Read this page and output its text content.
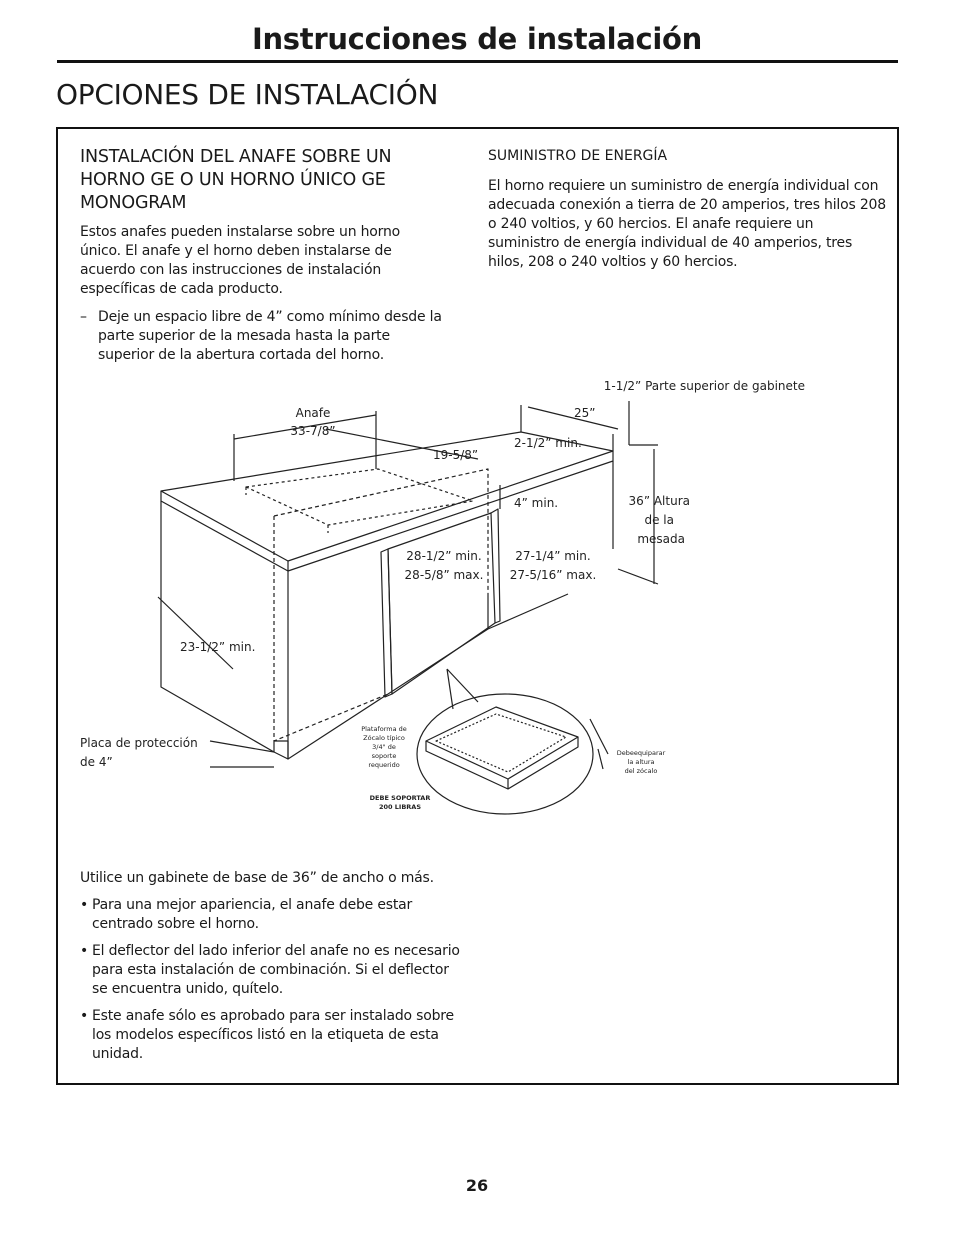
Instrucciones de instalación
OPCIONES DE INSTALACIÓN
INSTALACIÓN DEL ANAFE SOBRE UN HORNO GE O UN HORNO ÚNICO GE MONOGRAM

Estos anafes pueden instalarse sobre un horno único. El anafe y el horno deben instalarse de acuerdo con las instrucciones de instalación específicas de cada producto.

– Deje un espacio libre de 4” como mínimo desde la parte superior de la mesada hasta la parte superior de la abertura cortada del horno.
SUMINISTRO DE ENERGÍA

El horno requiere un suministro de energía individual con adecuada conexión a tierra de 20 amperios, tres hilos 208 o 240 voltios, y 60 hercios. El anafe requiere un suministro de energía individual de 40 amperios, tres hilos, 208 o 240 voltios y 60 hercios.

1-1/2” Parte superior de gabinete
25”
Anafe
33-7/8”
19-5/8”
2-1/2” min.
4” min.	36” Altura
de la
mesada
28-1/2” min.
28-5/8” max.
27-1/4” min.
27-5/16” max.
23-1/2” min.
Placa de protección
de 4”
Plataforma de
Zócalo típico
3/4" de
soporte
requerido
Debeequiparar
la altura
del zócalo
DEBE SOPORTAR
200 LIBRAS

Utilice un gabinete de base de 36” de ancho o más.

• Para una mejor apariencia, el anafe debe estar centrado sobre el horno.
• El deflector del lado inferior del anafe no es necesario para esta instalación de combinación. Si el deflector se encuentra unido, quítelo.
• Este anafe sólo es aprobado para ser instalado sobre los modelos específicos listó en la etiqueta de esta unidad.
26
